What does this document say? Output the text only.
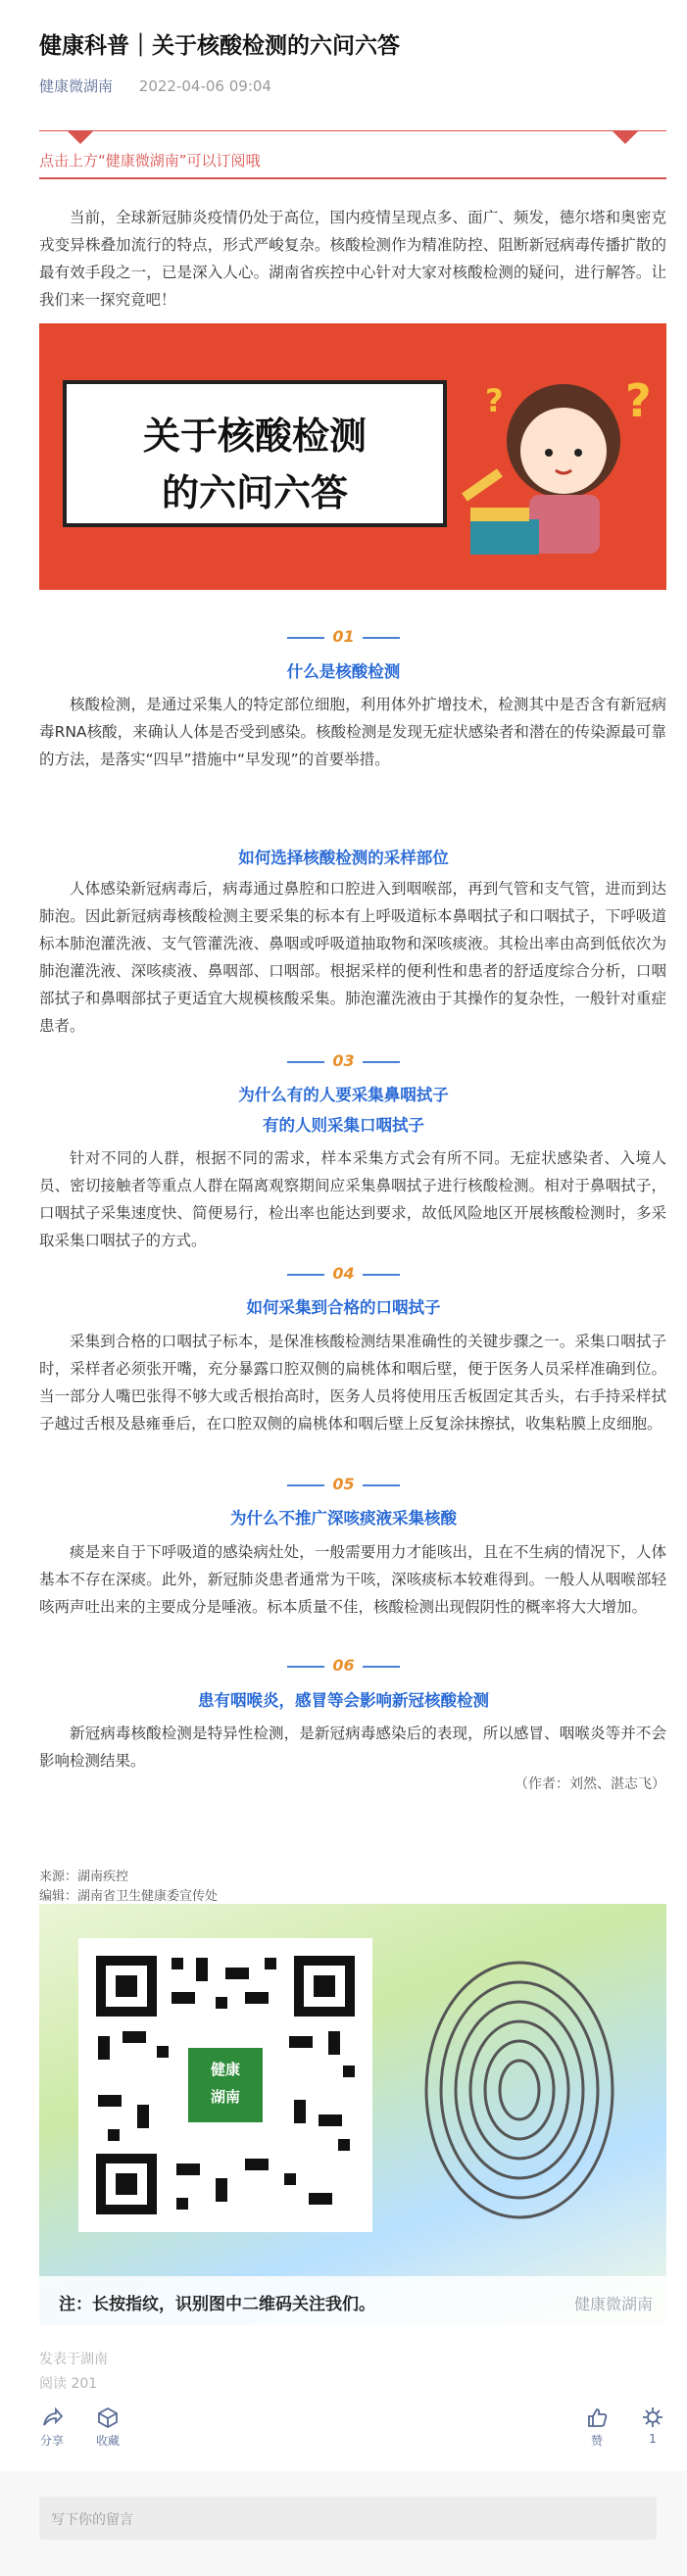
健康科普｜关于核酸检测的六问六答
健康微湖南 2022-04-06 09:04
点击上方“健康微湖南”可以订阅哦
当前，全球新冠肺炎疫情仍处于高位，国内疫情呈现点多、面广、频发，德尔塔和奥密克戎变异株叠加流行的特点，形式严峻复杂。核酸检测作为精准防控、阻断新冠病毒传播扩散的最有效手段之一，已是深入人心。湖南省疾控中心针对大家对核酸检测的疑问，进行解答。让我们来一探究竟吧！
关于核酸检测
的六问六答
?
?
01
什么是核酸检测
核酸检测，是通过采集人的特定部位细胞，利用体外扩增技术，检测其中是否含有新冠病毒RNA核酸，来确认人体是否受到感染。核酸检测是发现无症状感染者和潜在的传染源最可靠的方法，是落实“四早”措施中“早发现”的首要举措。
如何选择核酸检测的采样部位
人体感染新冠病毒后，病毒通过鼻腔和口腔进入到咽喉部，再到气管和支气管，进而到达肺泡。因此新冠病毒核酸检测主要采集的标本有上呼吸道标本鼻咽拭子和口咽拭子，下呼吸道标本肺泡灌洗液、支气管灌洗液、鼻咽或呼吸道抽取物和深咳痰液。其检出率由高到低依次为肺泡灌洗液、深咳痰液、鼻咽部、口咽部。根据采样的便利性和患者的舒适度综合分析，口咽部拭子和鼻咽部拭子更适宜大规模核酸采集。肺泡灌洗液由于其操作的复杂性，一般针对重症患者。
03
为什么有的人要采集鼻咽拭子
有的人则采集口咽拭子
针对不同的人群，根据不同的需求，样本采集方式会有所不同。无症状感染者、入境人员、密切接触者等重点人群在隔离观察期间应采集鼻咽拭子进行核酸检测。相对于鼻咽拭子，口咽拭子采集速度快、简便易行，检出率也能达到要求，故低风险地区开展核酸检测时，多采取采集口咽拭子的方式。
04
如何采集到合格的口咽拭子
采集到合格的口咽拭子标本，是保准核酸检测结果准确性的关键步骤之一。采集口咽拭子时，采样者必须张开嘴，充分暴露口腔双侧的扁桃体和咽后壁，便于医务人员采样准确到位。当一部分人嘴巴张得不够大或舌根抬高时，医务人员将使用压舌板固定其舌头，右手持采样拭子越过舌根及悬雍垂后，在口腔双侧的扁桃体和咽后壁上反复涂抹擦拭，收集粘膜上皮细胞。
05
为什么不推广深咳痰液采集核酸
痰是来自于下呼吸道的感染病灶处，一般需要用力才能咳出，且在不生病的情况下，人体基本不存在深痰。此外，新冠肺炎患者通常为干咳，深咳痰标本较难得到。一般人从咽喉部轻咳两声吐出来的主要成分是唾液。标本质量不佳，核酸检测出现假阴性的概率将大大增加。
06
患有咽喉炎，感冒等会影响新冠核酸检测
新冠病毒核酸检测是特异性检测，是新冠病毒感染后的表现，所以感冒、咽喉炎等并不会影响检测结果。
（作者：刘然、湛志飞）
来源：湖南疾控
编辑：湖南省卫生健康委宣传处
健康
湖南
注：长按指纹，识别图中二维码关注我们。	健康微湖南
发表于湖南
阅读 201
分享	收藏	赞	1
写下你的留言
